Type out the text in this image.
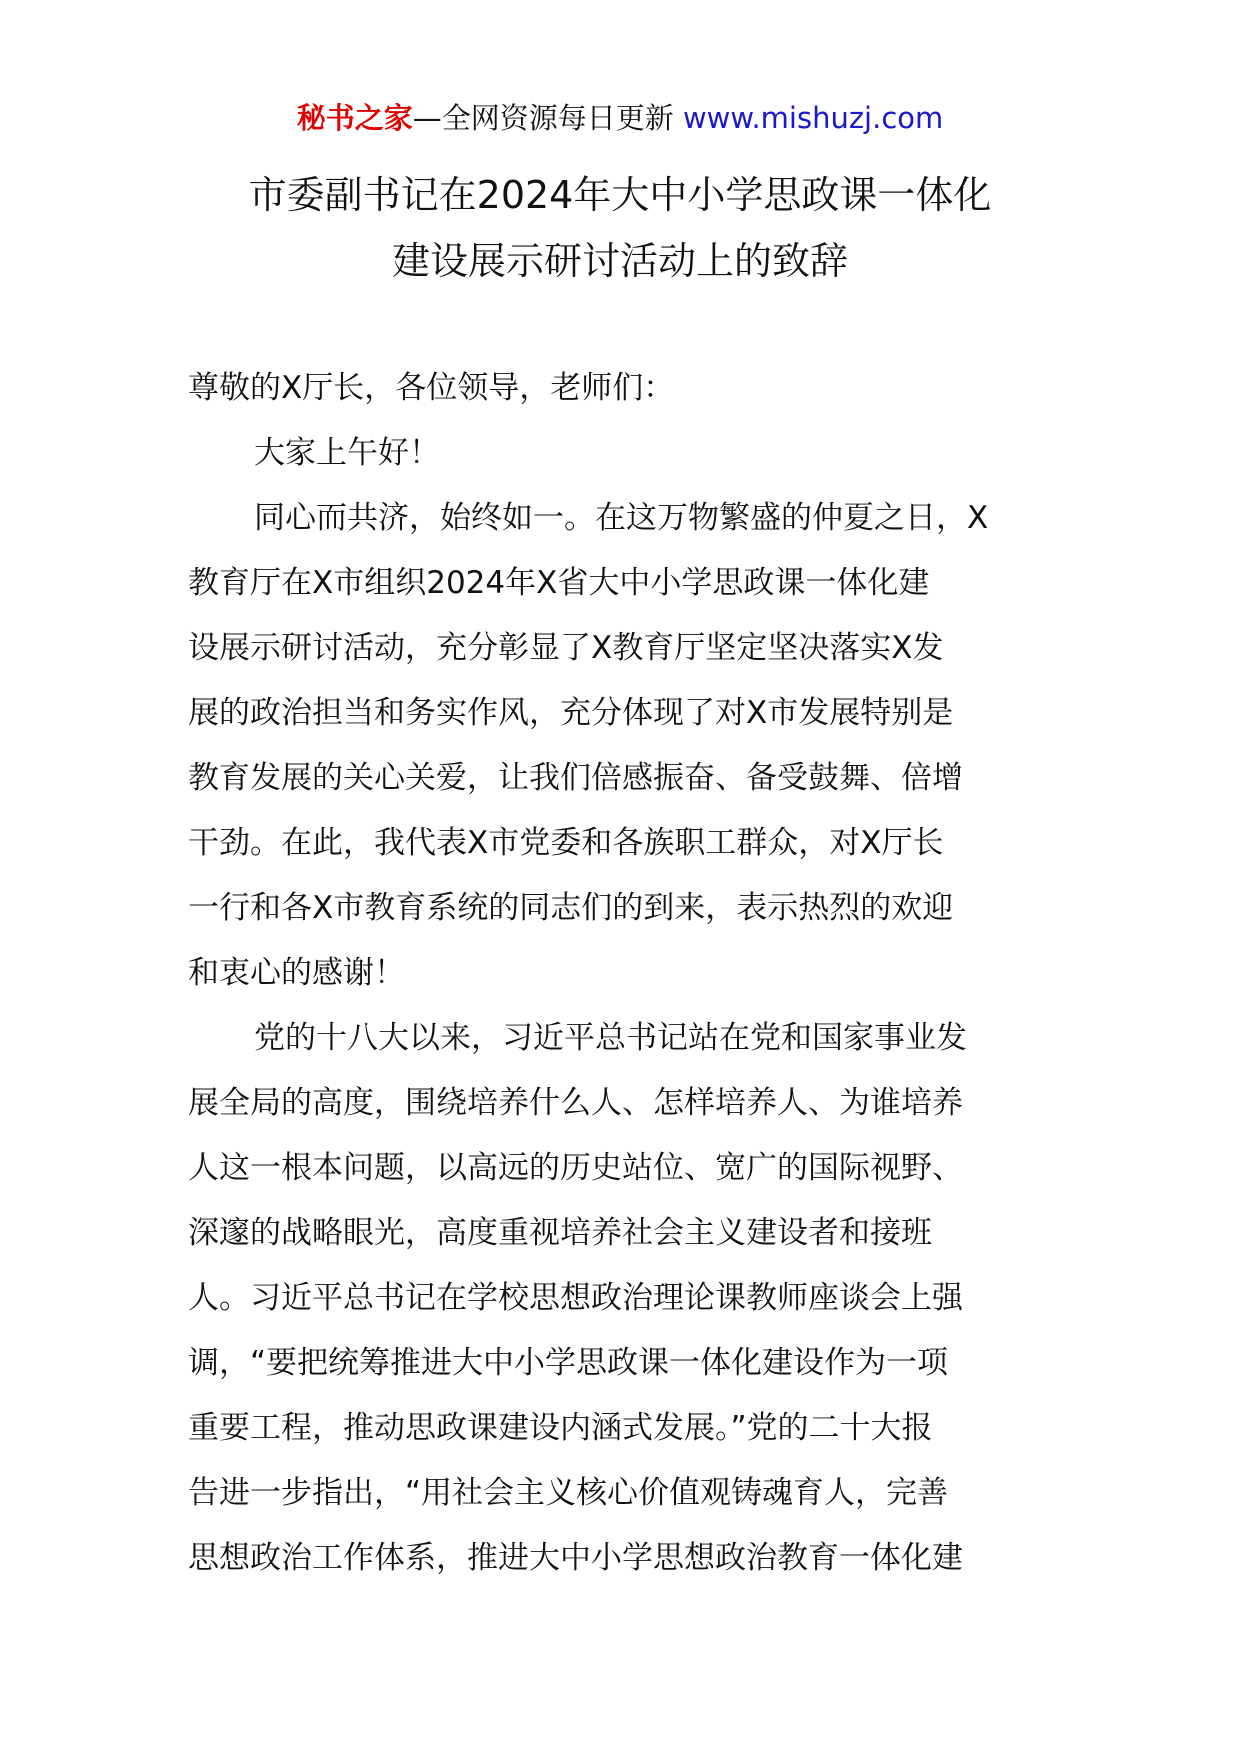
秘书之家—全网资源每日更新 www.mishuzj.com
市委副书记在2024年大中小学思政课一体化
建设展示研讨活动上的致辞
尊敬的X厅长，各位领导，老师们：
大家上午好！
同心而共济，始终如一。在这万物繁盛的仲夏之日，X
教育厅在X市组织2024年X省大中小学思政课一体化建
设展示研讨活动，充分彰显了X教育厅坚定坚决落实X发
展的政治担当和务实作风，充分体现了对X市发展特别是
教育发展的关心关爱，让我们倍感振奋、备受鼓舞、倍增
干劲。在此，我代表X市党委和各族职工群众，对X厅长
一行和各X市教育系统的同志们的到来，表示热烈的欢迎
和衷心的感谢！
党的十八大以来，习近平总书记站在党和国家事业发
展全局的高度，围绕培养什么人、怎样培养人、为谁培养
人这一根本问题，以高远的历史站位、宽广的国际视野、
深邃的战略眼光，高度重视培养社会主义建设者和接班
人。习近平总书记在学校思想政治理论课教师座谈会上强
调，“要把统筹推进大中小学思政课一体化建设作为一项
重要工程，推动思政课建设内涵式发展。”党的二十大报
告进一步指出，“用社会主义核心价值观铸魂育人，完善
思想政治工作体系，推进大中小学思想政治教育一体化建
